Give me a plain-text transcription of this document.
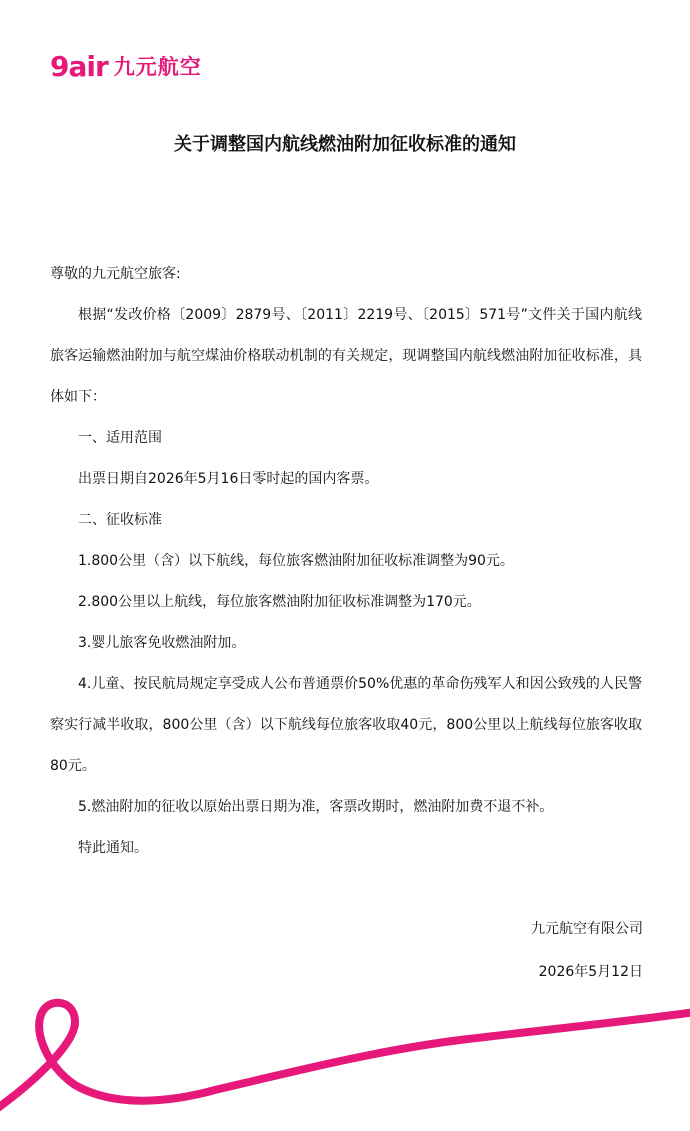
9air 九元航空
关于调整国内航线燃油附加征收标准的通知

尊敬的九元航空旅客:

根据“发改价格〔2009〕2879号、〔2011〕2219号、〔2015〕571号”文件关于国内航线旅客运输燃油附加与航空煤油价格联动机制的有关规定，现调整国内航线燃油附加征收标准，具体如下：

一、适用范围

出票日期自2026年5月16日零时起的国内客票。

二、征收标准

1.800公里（含）以下航线，每位旅客燃油附加征收标准调整为90元。

2.800公里以上航线，每位旅客燃油附加征收标准调整为170元。

3.婴儿旅客免收燃油附加。

4.儿童、按民航局规定享受成人公布普通票价50%优惠的革命伤残军人和因公致残的人民警察实行减半收取，800公里（含）以下航线每位旅客收取40元，800公里以上航线每位旅客收取80元。

5.燃油附加的征收以原始出票日期为准，客票改期时，燃油附加费不退不补。

特此通知。

九元航空有限公司
2026年5月12日
